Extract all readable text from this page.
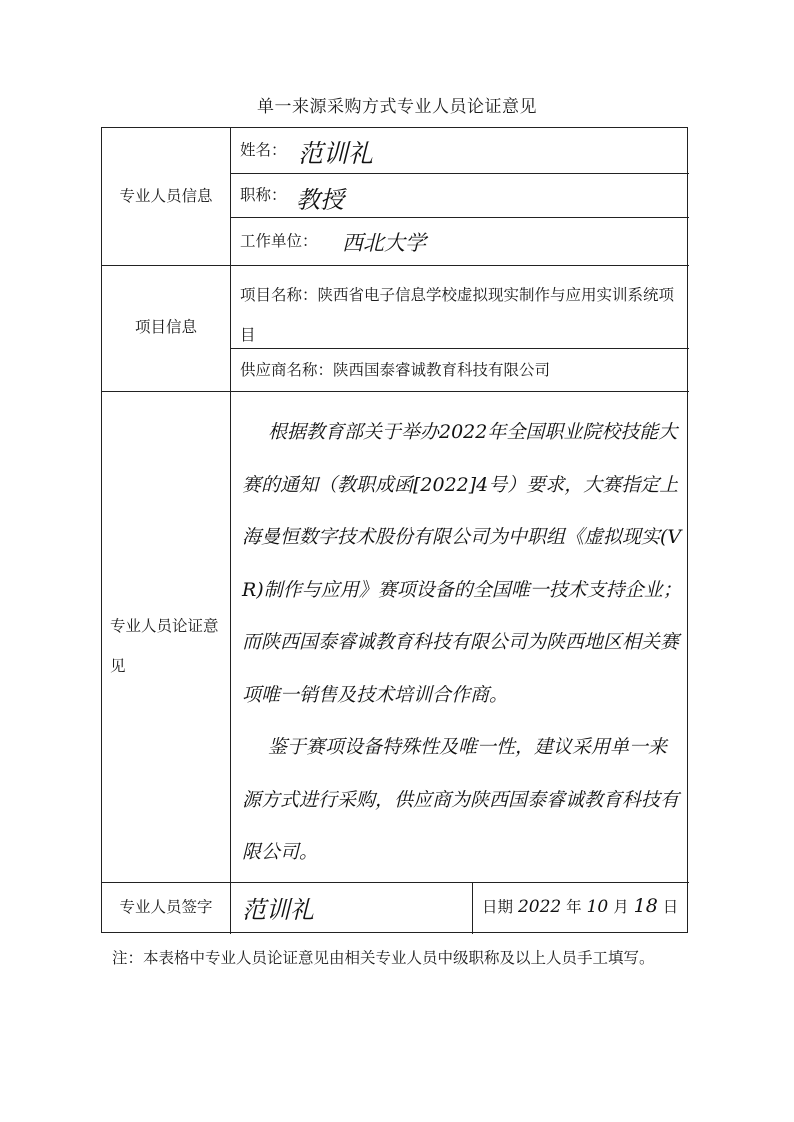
单一来源采购方式专业人员论证意见
专业人员信息
姓名： 范训礼
职称： 教授
工作单位： 西北大学
项目信息
项目名称：陕西省电子信息学校虚拟现实制作与应用实训系统项目
供应商名称：陕西国泰睿诚教育科技有限公司
专业人员论证意见

根据教育部关于举办2022年全国职业院校技能大赛的通知（教职成函[2022]4号）要求，大赛指定上海曼恒数字技术股份有限公司为中职组《虚拟现实(VR)制作与应用》赛项设备的全国唯一技术支持企业；而陕西国泰睿诚教育科技有限公司为陕西地区相关赛项唯一销售及技术培训合作商。

鉴于赛项设备特殊性及唯一性，建议采用单一来源方式进行采购，供应商为陕西国泰睿诚教育科技有限公司。

专业人员签字	范训礼	日期 2022 年 10 月 18 日
注：本表格中专业人员论证意见由相关专业人员中级职称及以上人员手工填写。
